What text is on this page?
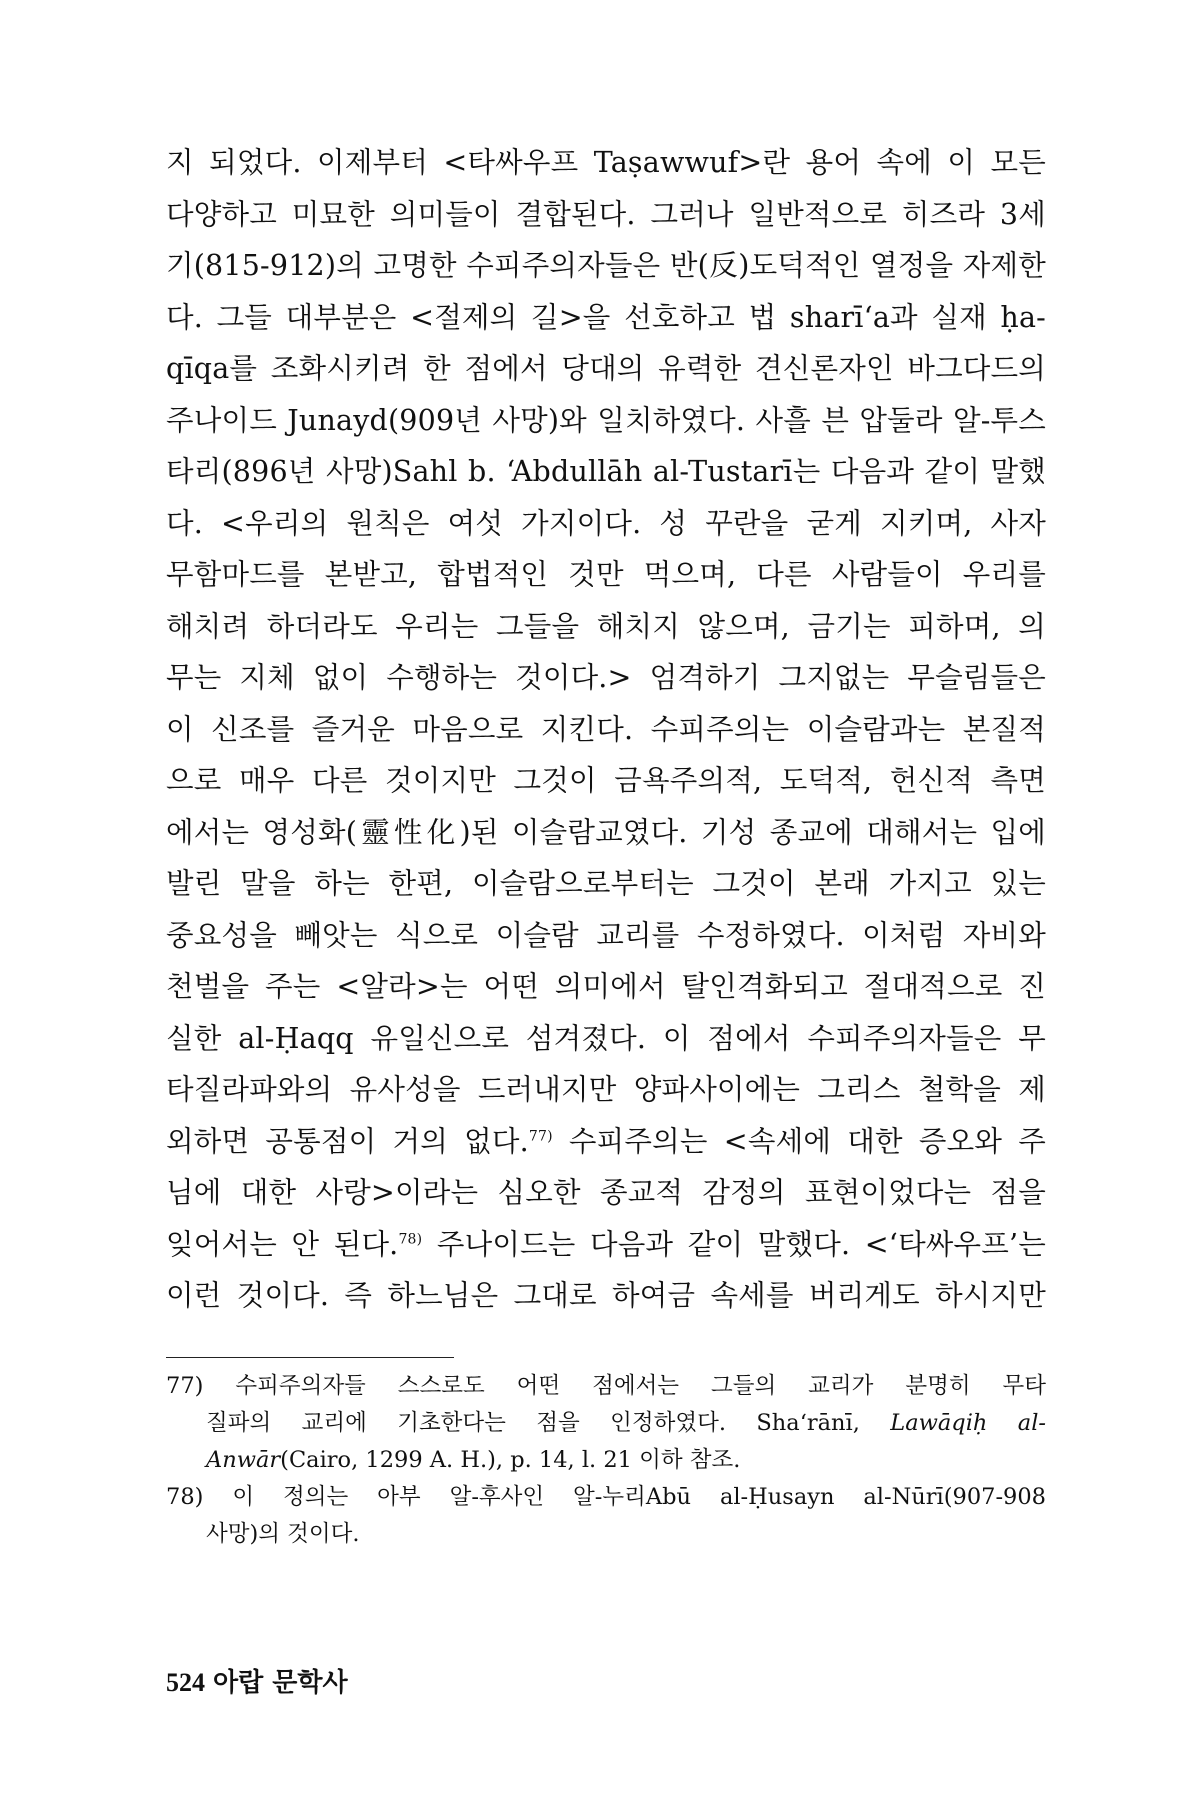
지 되었다. 이제부터 <타싸우프 Taṣawwuf>란 용어 속에 이 모든
다양하고 미묘한 의미들이 결합된다. 그러나 일반적으로 히즈라 3세
기(815-912)의 고명한 수피주의자들은 반(反)도덕적인 열정을 자제한
다. 그들 대부분은 <절제의 길>을 선호하고 법 sharī‘a과 실재 ḥa-
qīqa를 조화시키려 한 점에서 당대의 유력한 견신론자인 바그다드의
주나이드 Junayd(909년 사망)와 일치하였다. 사흘 븐 압둘라 알-투스
타리(896년 사망)Sahl b. ‘Abdullāh al-Tustarī는 다음과 같이 말했
다. <우리의 원칙은 여섯 가지이다. 성 꾸란을 굳게 지키며, 사자
무함마드를 본받고, 합법적인 것만 먹으며, 다른 사람들이 우리를
해치려 하더라도 우리는 그들을 해치지 않으며, 금기는 피하며, 의
무는 지체 없이 수행하는 것이다.> 엄격하기 그지없는 무슬림들은
이 신조를 즐거운 마음으로 지킨다. 수피주의는 이슬람과는 본질적
으로 매우 다른 것이지만 그것이 금욕주의적, 도덕적, 헌신적 측면
에서는 영성화(靈性化)된 이슬람교였다. 기성 종교에 대해서는 입에
발린 말을 하는 한편, 이슬람으로부터는 그것이 본래 가지고 있는
중요성을 빼앗는 식으로 이슬람 교리를 수정하였다. 이처럼 자비와
천벌을 주는 <알라>는 어떤 의미에서 탈인격화되고 절대적으로 진
실한 al-Ḥaqq 유일신으로 섬겨졌다. 이 점에서 수피주의자들은 무
타질라파와의 유사성을 드러내지만 양파사이에는 그리스 철학을 제
외하면 공통점이 거의 없다.$^{77)}$ 수피주의는 <속세에 대한 증오와 주
님에 대한 사랑>이라는 심오한 종교적 감정의 표현이었다는 점을
잊어서는 안 된다.$^{78)}$ 주나이드는 다음과 같이 말했다. <‘타싸우프’는
이런 것이다. 즉 하느님은 그대로 하여금 속세를 버리게도 하시지만
77) 수피주의자들 스스로도 어떤 점에서는 그들의 교리가 분명히 무타
질파의 교리에 기초한다는 점을 인정하였다. Sha‘rānī, Lawāqiḥ al-
Anwār(Cairo, 1299 A. H.), p. 14, l. 21 이하 참조.
78) 이 정의는 아부 알-후사인 알-누리Abū al-Ḥusayn al-Nūrī(907-908
사망)의 것이다.
524 아랍 문학사
